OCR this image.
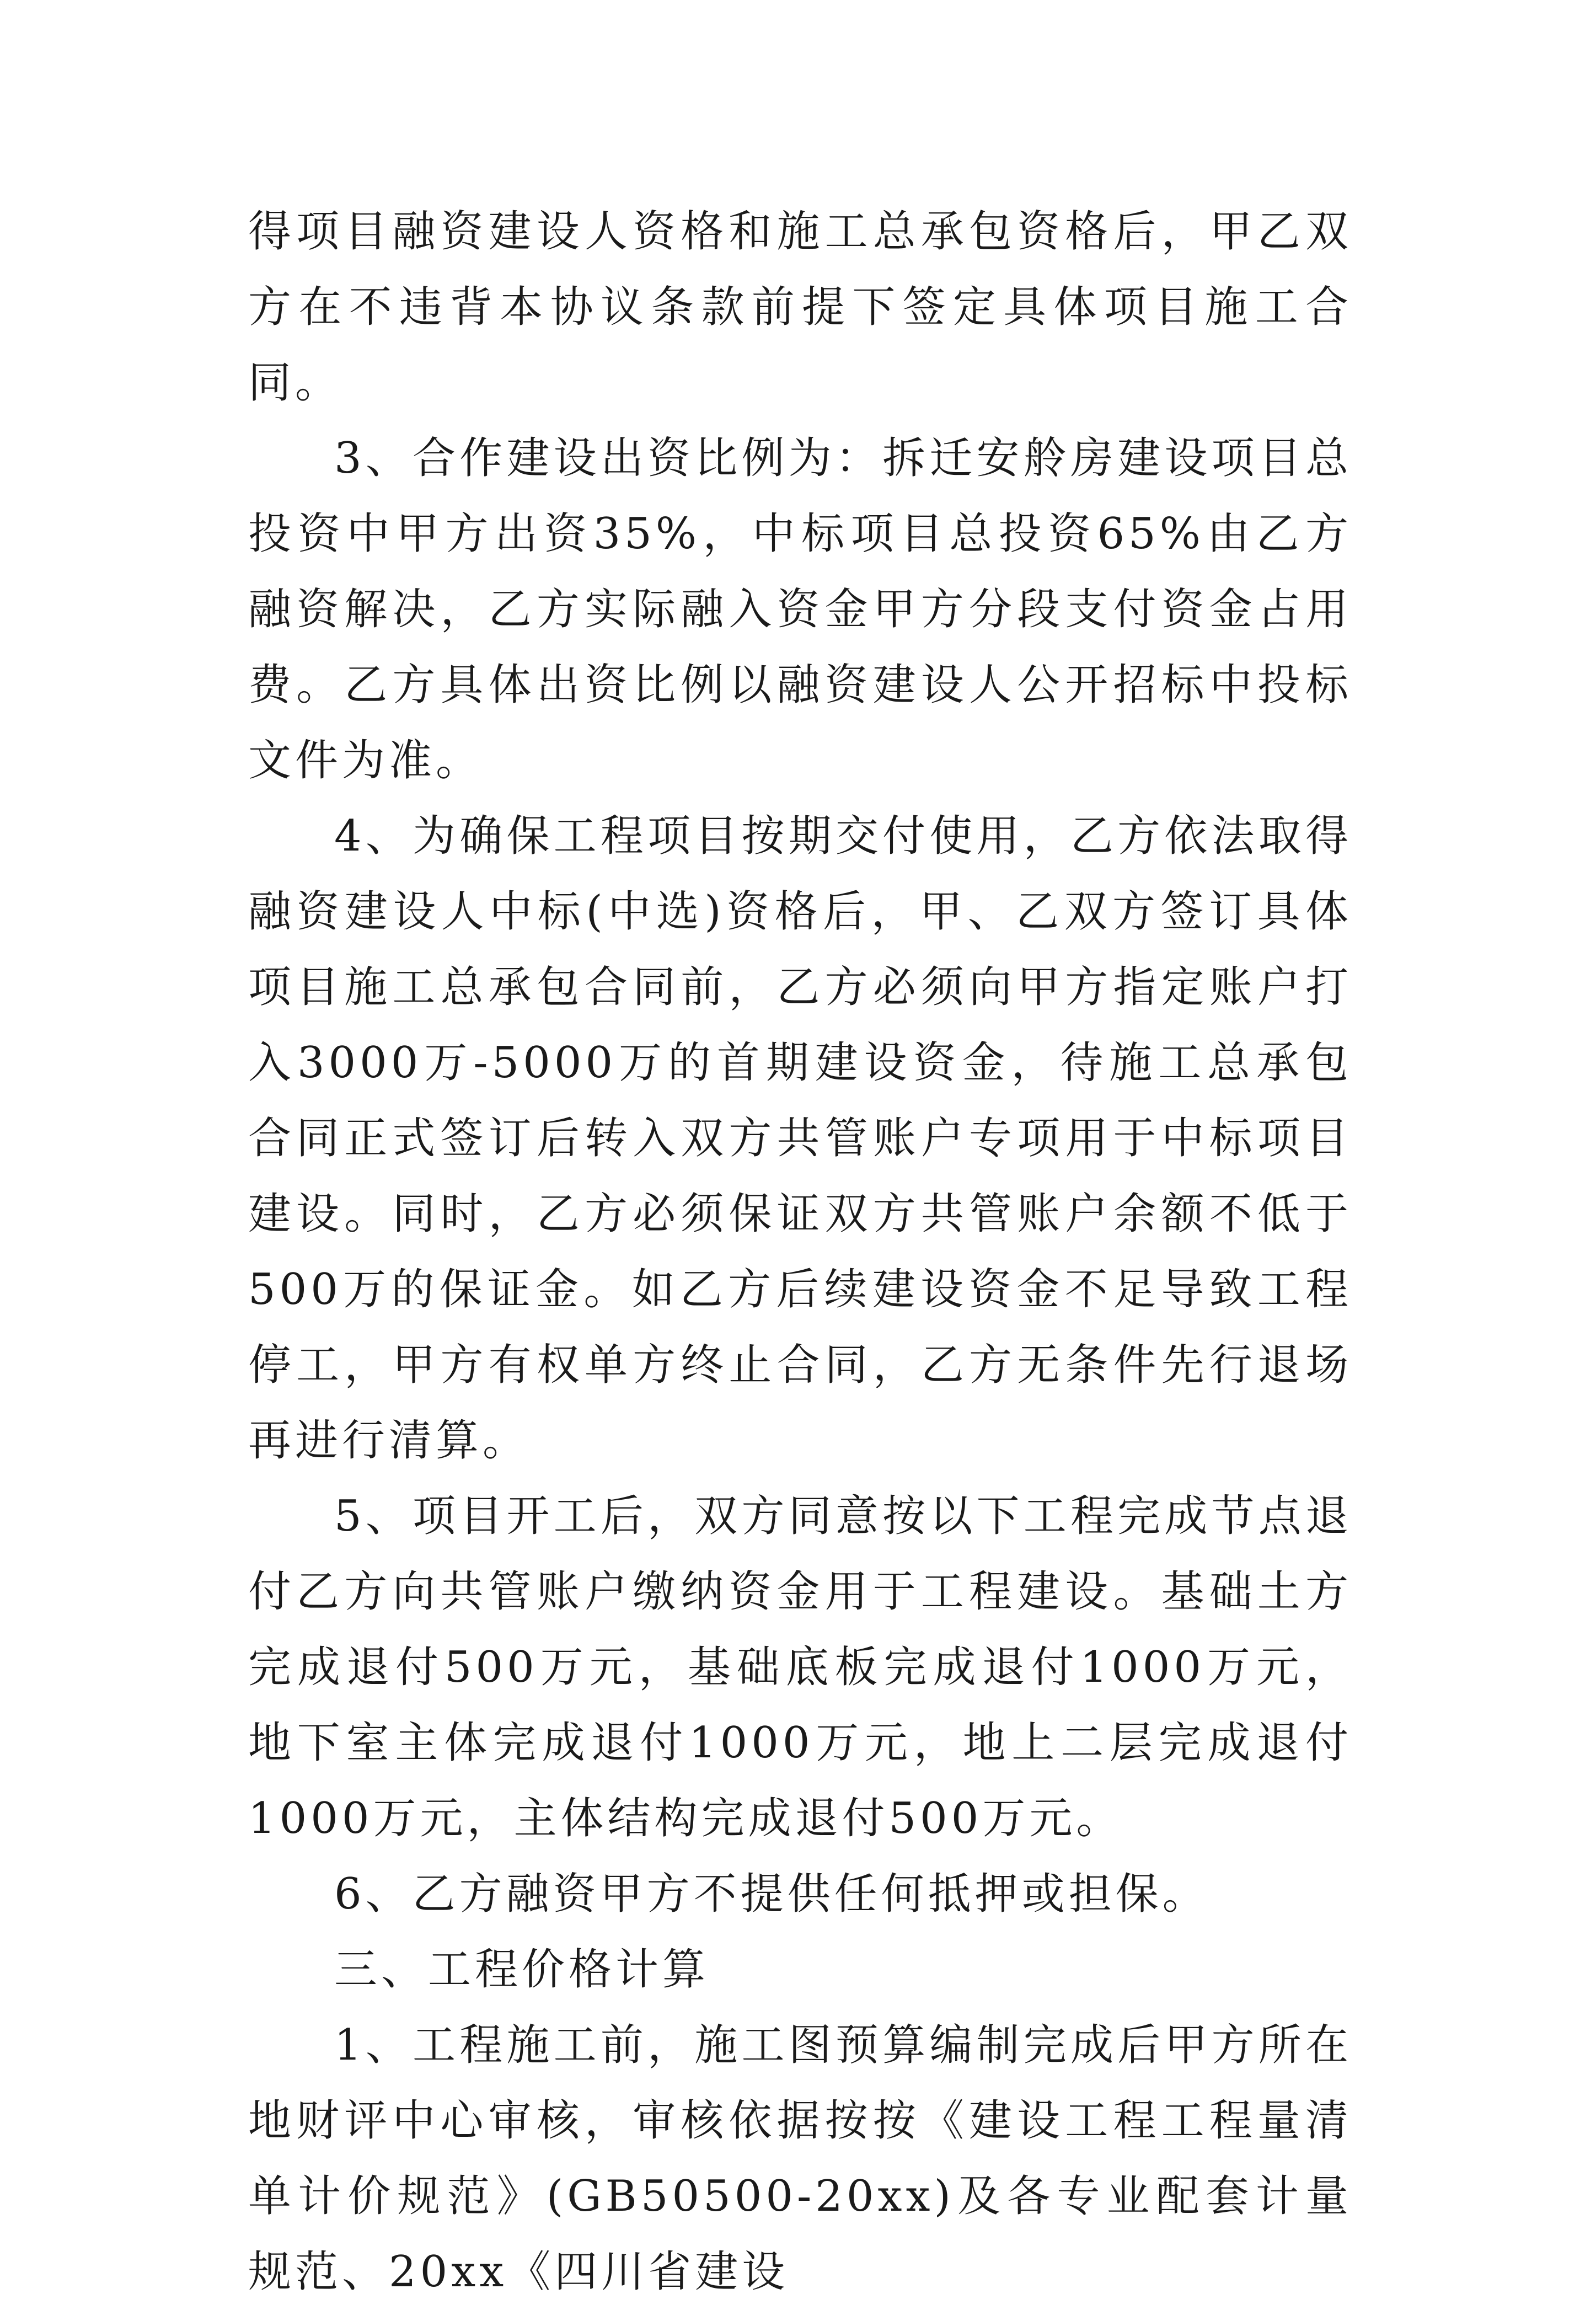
得项目融资建设人资格和施工总承包资格后，甲乙双方在不违背本协议条款前提下签定具体项目施工合同。

3、合作建设出资比例为：拆迁安舲房建设项目总投资中甲方出资35%，中标项目总投资65%由乙方融资解决，乙方实际融入资金甲方分段支付资金占用费。乙方具体出资比例以融资建设人公开招标中投标文件为准。

4、为确保工程项目按期交付使用，乙方依法取得融资建设人中标(中选)资格后，甲、乙双方签订具体项目施工总承包合同前，乙方必须向甲方指定账户打入3000万-5000万的首期建设资金，待施工总承包合同正式签订后转入双方共管账户专项用于中标项目建设。同时，乙方必须保证双方共管账户余额不低于500万的保证金。如乙方后续建设资金不足导致工程停工，甲方有权单方终止合同，乙方无条件先行退场再进行清算。

5、项目开工后，双方同意按以下工程完成节点退付乙方向共管账户缴纳资金用于工程建设。基础土方完成退付500万元，基础底板完成退付1000万元，地下室主体完成退付1000万元，地上二层完成退付1000万元，主体结构完成退付500万元。

6、乙方融资甲方不提供任何抵押或担保。

三、工程价格计算

1、工程施工前，施工图预算编制完成后甲方所在地财评中心审核，审核依据按按《建设工程工程量清单计价规范》(GB50500-20xx)及各专业配套计量规范、20xx《四川省建设
